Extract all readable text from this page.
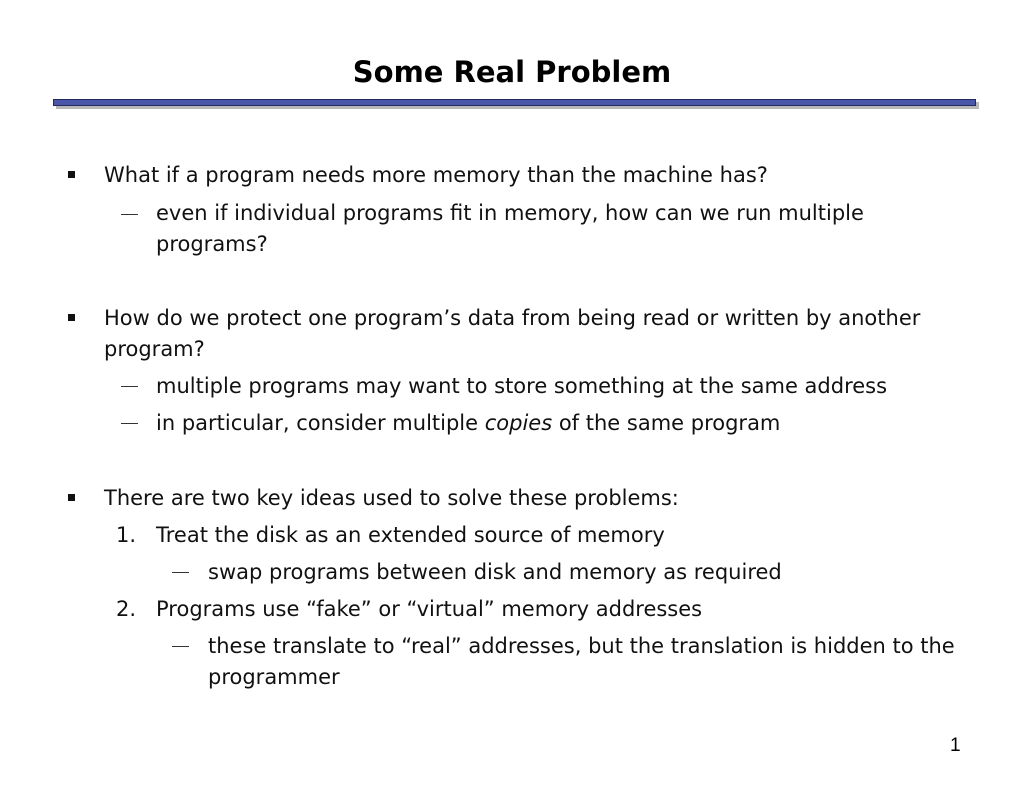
Some Real Problem
What if a program needs more memory than the machine has?
even if individual programs fit in memory, how can we run multiple programs?
How do we protect one program’s data from being read or written by another program?
multiple programs may want to store something at the same address
in particular, consider multiple copies of the same program
There are two key ideas used to solve these problems:
1. Treat the disk as an extended source of memory
swap programs between disk and memory as required
2. Programs use “fake” or “virtual” memory addresses
these translate to “real” addresses, but the translation is hidden to the programmer
1
